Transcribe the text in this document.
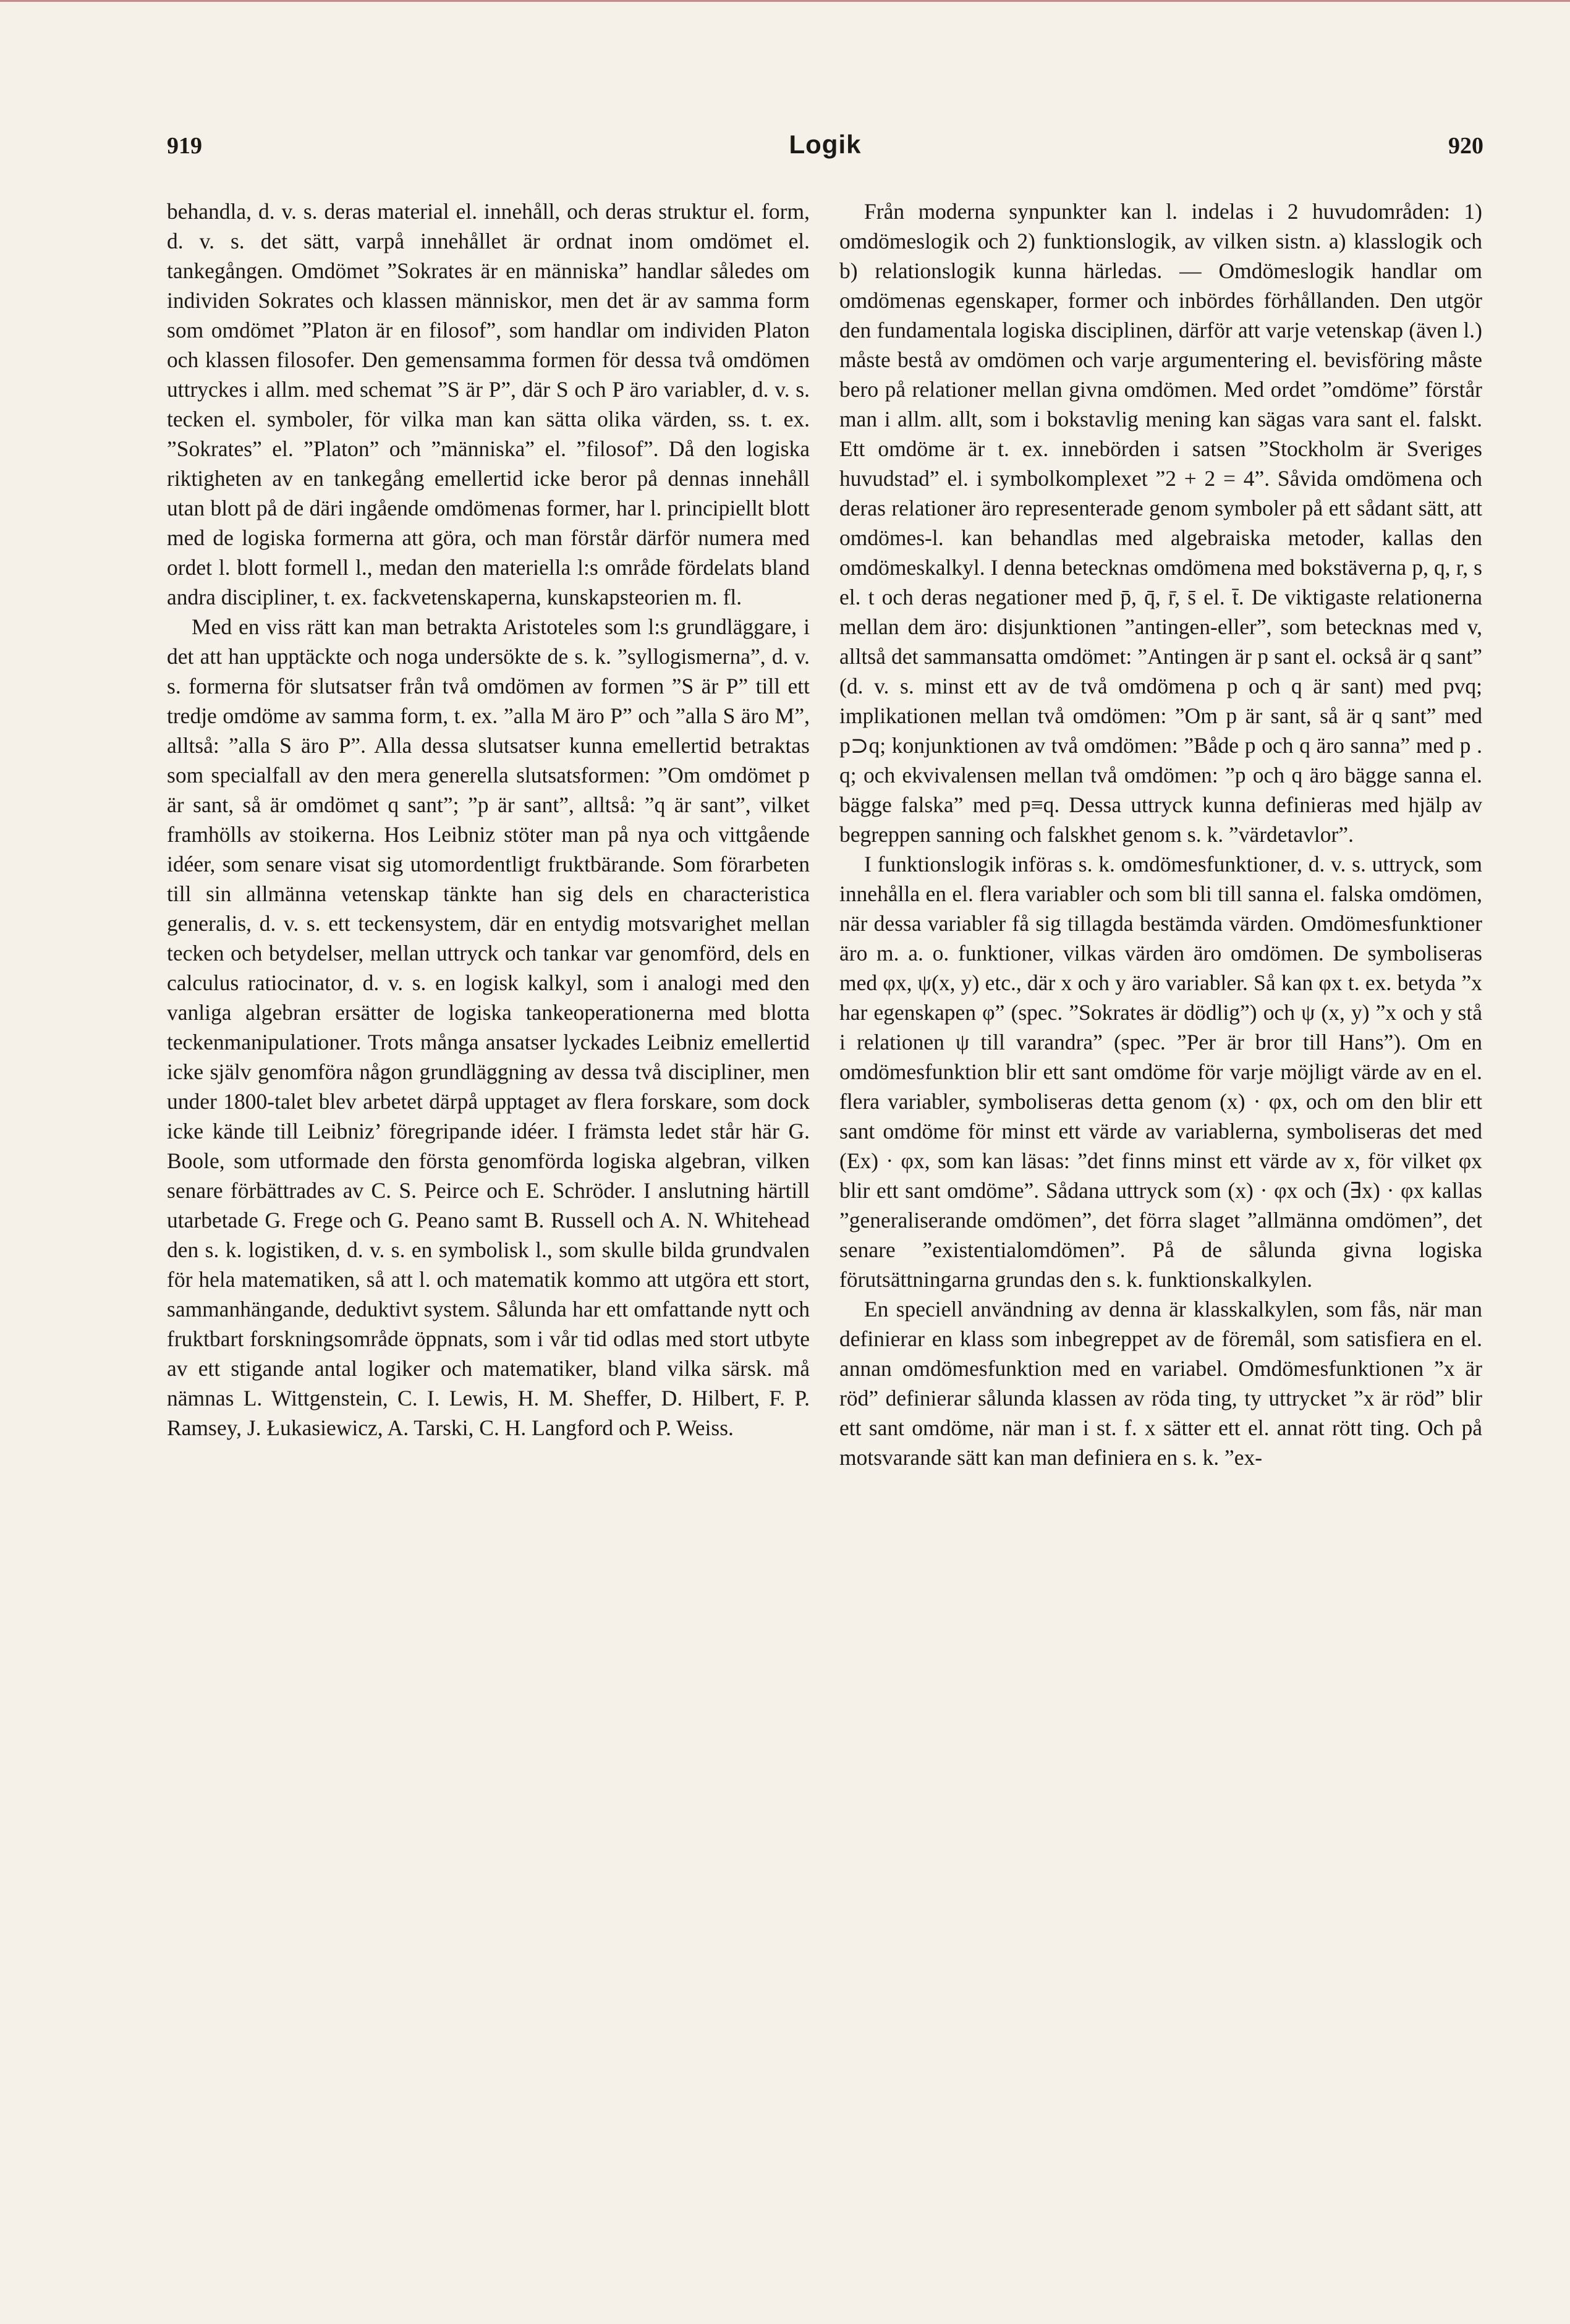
919	Logik	920

behandla, d. v. s. deras material el. innehåll, och deras struktur el. form, d. v. s. det sätt, varpå innehållet är ordnat inom omdömet el. tankegången. Omdömet ”Sokrates är en människa” handlar således om individen Sokrates och klassen människor, men det är av samma form som omdömet ”Platon är en filosof”, som handlar om individen Platon och klassen filosofer. Den gemensamma formen för dessa två omdömen uttryckes i allm. med schemat ”S är P”, där S och P äro variabler, d. v. s. tecken el. symboler, för vilka man kan sätta olika värden, ss. t. ex. ”Sokrates” el. ”Platon” och ”människa” el. ”filosof”. Då den logiska riktigheten av en tankegång emellertid icke beror på dennas innehåll utan blott på de däri ingående omdömenas former, har l. principiellt blott med de logiska formerna att göra, och man förstår därför numera med ordet l. blott formell l., medan den materiella l:s område fördelats bland andra discipliner, t. ex. fackvetenskaperna, kunskapsteorien m. fl.

Med en viss rätt kan man betrakta Aristoteles som l:s grundläggare, i det att han upptäckte och noga undersökte de s. k. ”syllogismerna”, d. v. s. formerna för slutsatser från två omdömen av formen ”S är P” till ett tredje omdöme av samma form, t. ex. ”alla M äro P” och ”alla S äro M”, alltså: ”alla S äro P”. Alla dessa slutsatser kunna emellertid betraktas som specialfall av den mera generella slutsatsformen: ”Om omdömet p är sant, så är omdömet q sant”; ”p är sant”, alltså: ”q är sant”, vilket framhölls av stoikerna. Hos Leibniz stöter man på nya och vittgående idéer, som senare visat sig utomordentligt fruktbärande. Som förarbeten till sin allmänna vetenskap tänkte han sig dels en characteristica generalis, d. v. s. ett teckensystem, där en entydig motsvarighet mellan tecken och betydelser, mellan uttryck och tankar var genomförd, dels en calculus ratiocinator, d. v. s. en logisk kalkyl, som i analogi med den vanliga algebran ersätter de logiska tankeoperationerna med blotta teckenmanipulationer. Trots många ansatser lyckades Leibniz emellertid icke själv genomföra någon grundläggning av dessa två discipliner, men under 1800-talet blev arbetet därpå upptaget av flera forskare, som dock icke kände till Leibniz’ föregripande idéer. I främsta ledet står här G. Boole, som utformade den första genomförda logiska algebran, vilken senare förbättrades av C. S. Peirce och E. Schröder. I anslutning härtill utarbetade G. Frege och G. Peano samt B. Russell och A. N. Whitehead den s. k. logistiken, d. v. s. en symbolisk l., som skulle bilda grundvalen för hela matematiken, så att l. och matematik kommo att utgöra ett stort, sammanhängande, deduktivt system. Sålunda har ett omfattande nytt och fruktbart forskningsområde öppnats, som i vår tid odlas med stort utbyte av ett stigande antal logiker och matematiker, bland vilka särsk. må nämnas L. Wittgenstein, C. I. Lewis, H. M. Sheffer, D. Hilbert, F. P. Ramsey, J. Łukasiewicz, A. Tarski, C. H. Langford och P. Weiss.

Från moderna synpunkter kan l. indelas i 2 huvudområden: 1) omdömeslogik och 2) funktionslogik, av vilken sistn. a) klasslogik och b) relationslogik kunna härledas. — Omdömeslogik handlar om omdömenas egenskaper, former och inbördes förhållanden. Den utgör den fundamentala logiska disciplinen, därför att varje vetenskap (även l.) måste bestå av omdömen och varje argumentering el. bevisföring måste bero på relationer mellan givna omdömen. Med ordet ”omdöme” förstår man i allm. allt, som i bokstavlig mening kan sägas vara sant el. falskt. Ett omdöme är t. ex. innebörden i satsen ”Stockholm är Sveriges huvudstad” el. i symbolkomplexet ”2 + 2 = 4”. Såvida omdömena och deras relationer äro representerade genom symboler på ett sådant sätt, att omdömes-l. kan behandlas med algebraiska metoder, kallas den omdömeskalkyl. I denna betecknas omdömena med bokstäverna p, q, r, s el. t och deras negationer med p̄, q̄, r̄, s̄ el. t̄. De viktigaste relationerna mellan dem äro: disjunktionen ”antingen-eller”, som betecknas med v, alltså det sammansatta omdömet: ”Antingen är p sant el. också är q sant” (d. v. s. minst ett av de två omdömena p och q är sant) med pvq; implikationen mellan två omdömen: ”Om p är sant, så är q sant” med p⊃q; konjunktionen av två omdömen: ”Både p och q äro sanna” med p . q; och ekvivalensen mellan två omdömen: ”p och q äro bägge sanna el. bägge falska” med p≡q. Dessa uttryck kunna definieras med hjälp av begreppen sanning och falskhet genom s. k. ”värdetavlor”.

I funktionslogik införas s. k. omdömesfunktioner, d. v. s. uttryck, som innehålla en el. flera variabler och som bli till sanna el. falska omdömen, när dessa variabler få sig tillagda bestämda värden. Omdömesfunktioner äro m. a. o. funktioner, vilkas värden äro omdömen. De symboliseras med φx, ψ(x, y) etc., där x och y äro variabler. Så kan φx t. ex. betyda ”x har egenskapen φ” (spec. ”Sokrates är dödlig”) och ψ (x, y) ”x och y stå i relationen ψ till varandra” (spec. ”Per är bror till Hans”). Om en omdömesfunktion blir ett sant omdöme för varje möjligt värde av en el. flera variabler, symboliseras detta genom (x) · φx, och om den blir ett sant omdöme för minst ett värde av variablerna, symboliseras det med (Ex) · φx, som kan läsas: ”det finns minst ett värde av x, för vilket φx blir ett sant omdöme”. Sådana uttryck som (x) · φx och (∃x) · φx kallas ”generaliserande omdömen”, det förra slaget ”allmänna omdömen”, det senare ”existentialomdömen”. På de sålunda givna logiska förutsättningarna grundas den s. k. funktionskalkylen.

En speciell användning av denna är klasskalkylen, som fås, när man definierar en klass som inbegreppet av de föremål, som satisfiera en el. annan omdömesfunktion med en variabel. Omdömesfunktionen ”x är röd” definierar sålunda klassen av röda ting, ty uttrycket ”x är röd” blir ett sant omdöme, när man i st. f. x sätter ett el. annat rött ting. Och på motsvarande sätt kan man definiera en s. k. ”ex-
